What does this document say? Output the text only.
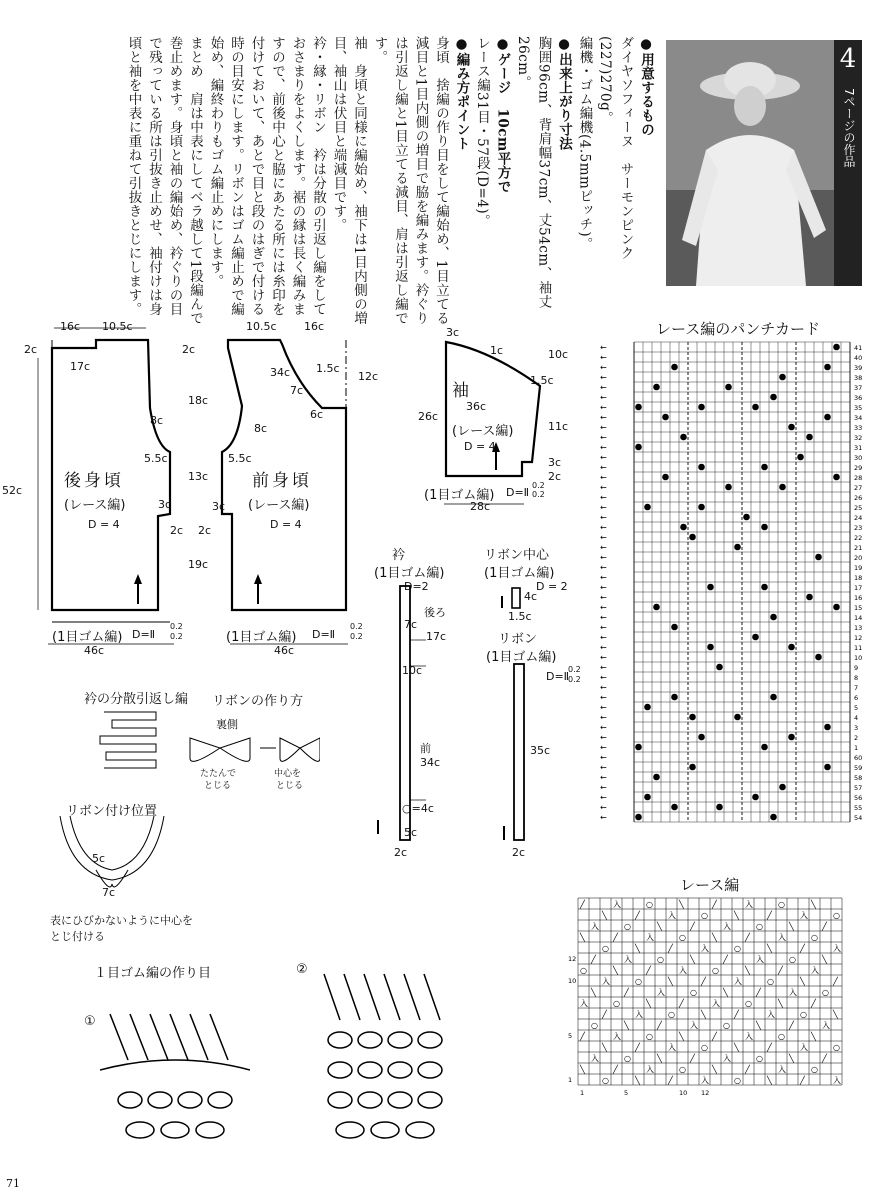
●用意するもの

ダイヤソフィーヌ　サーモンピンク(227)270g。

編機・ゴム編機(4.5mmピッチ)。

●出来上がり寸法

胸囲96cm、背肩幅37cm、丈54cm、袖丈26cm。

●ゲージ　10cm平方で

レース編31目・57段(D=4)。

●編み方ポイント

身頃　捨編の作り目をして編始め、1目立てる減目と1目内側の増目で脇を編みます。衿ぐりは引返し編と1目立てる減目、肩は引返し編です。

袖　身頃と同様に編始め、袖下は1目内側の増目、袖山は伏目と端減目です。

衿・縁・リボン　衿は分散の引返し編をしておさまりをよくします。裾の縁は長く編みますので、前後中心と脇にあたる所には糸印を付けておいて、あとで目と段のはぎで付ける時の目安にします。リボンはゴム編止めで編始め、編終わりもゴム編止めにします。

まとめ　肩は中表にしてベラ越して1段編んで巻止めます。身頃と袖の編始め、衿ぐりの目で残っている所は引抜き止めせ、袖付けは身頃と袖を中表に重ねて引抜きとじにします。	4
7ページの作品
16c 10.5c
2c
17c
8c
5.5c
52c
3c
2c
後身頃
(レース編)
D = 4
(1目ゴム編) D=Ⅱ
0.2
0.2
46c
10.5c 16c
2c
34c 1.5c
7c
6c
12c
18c
8c
5.5c
13c
3c
2c
19c
前身頃
(レース編)
D = 4
(1目ゴム編) D=Ⅱ
0.2
0.2
46c
3c
1c
1.5c
10c
袖
36c
26c
(レース編)
D = 4
11c
3c
2c
(1目ゴム編) D=Ⅱ
0.2
0.2
28c
衿
(1目ゴム編)
D=2
後ろ
7c
17c
10c
前
34c
○=4c
5c
2c
リボン中心
(1目ゴム編)
D = 2
4c
1.5c
リボン
(1目ゴム編)
D=Ⅱ
0.2
0.2
35c
2c
衿の分散引返し編 リボンの作り方
裏側
たたんで
とじる
中心を
とじる
リボン付け位置
5c
7c
表にひびかないように中心を
とじ付ける
１目ゴム編の作り目
①
②
レース編のパンチカード
←
←
←
←
←
←
←
←
←
←
←
←
←
←
←
←
←
←
←
←
←
←
←
←
←
←
←
←
←
←
←
←
←
←
←
←
←
←
←
←
←
←
←
←
←
←
←
←
41
40
39
38
37
36
35
34
33
32
31
30
29
28
27
26
25
24
23
22
21
20
19
18
17
16
15
14
13
12
11
10
9
8
7
6
5
4
3
2
1
60
59
58
57
56
55
54
レース編
╱	入	○	╲	╱	入	○	╲
╲	╱	入	○	╲	╱	入	○
入	○	╲	╱	入	○	╲	╱
╲	╱	入	○	╲	╱	入	○
○	╲	╱	入	○	╲	╱	入
╱	入	○	╲	╱	入	○	╲
○	╲	╱	入	○	╲	╱	入
入	○	╲	╱	入	○	╲	╱
╲	╱	入	○	╲	╱	入	○
入	○	╲	╱	入	○	╲	╱
╱	入	○	╲	╱	入	○	╲
○	╲	╱	入	○	╲	╱	入
╱	入	○	╲	╱	入	○	╲
╲	╱	入	○	╲	╱	入	○
入	○	╲	╱	入	○	╲	╱
╲	╱	入	○	╲	╱	入	○
○	╲	╱	入	○	╲	╱	入
12
10
5
1
1	5	10 12
71
